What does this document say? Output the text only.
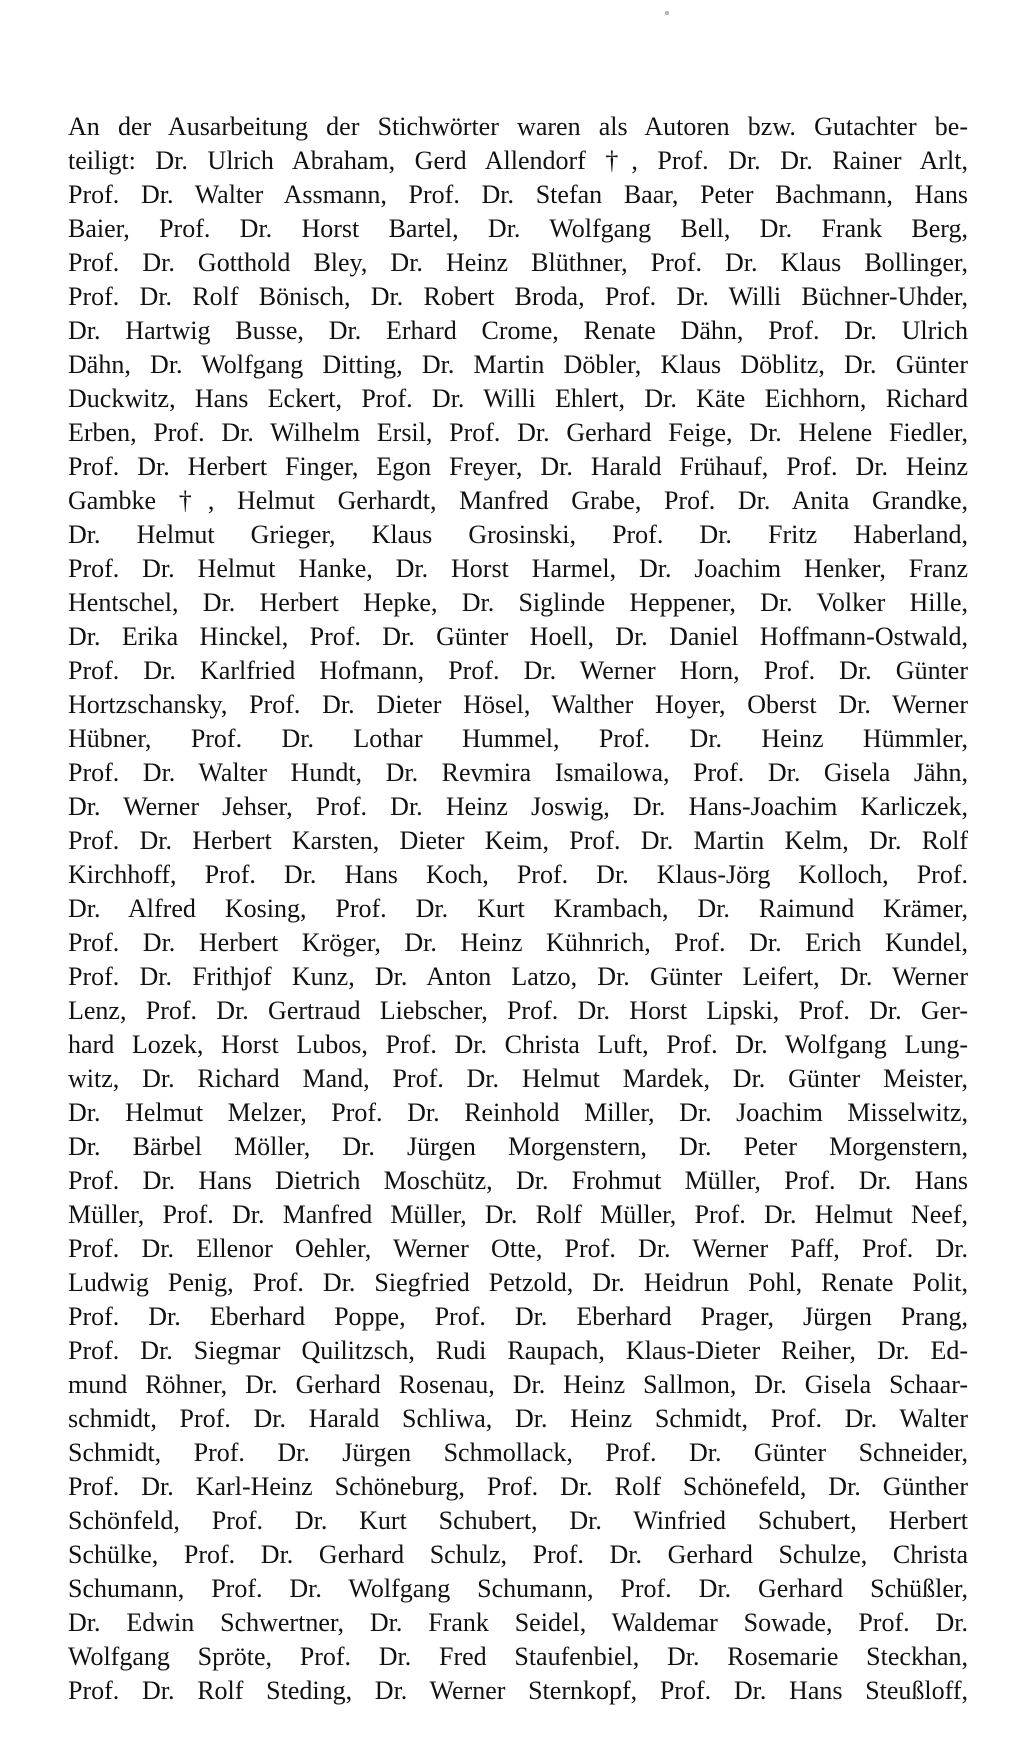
An der Ausarbeitung der Stichwörter waren als Autoren bzw. Gutachter be-
teiligt: Dr. Ulrich Abraham, Gerd Allendorf †, Prof. Dr. Dr. Rainer Arlt,
Prof. Dr. Walter Assmann, Prof. Dr. Stefan Baar, Peter Bachmann, Hans
Baier, Prof. Dr. Horst Bartel, Dr. Wolfgang Bell, Dr. Frank Berg,
Prof. Dr. Gotthold Bley, Dr. Heinz Blüthner, Prof. Dr. Klaus Bollinger,
Prof. Dr. Rolf Bönisch, Dr. Robert Broda, Prof. Dr. Willi Büchner-Uhder,
Dr. Hartwig Busse, Dr. Erhard Crome, Renate Dähn, Prof. Dr. Ulrich
Dähn, Dr. Wolfgang Ditting, Dr. Martin Döbler, Klaus Döblitz, Dr. Günter
Duckwitz, Hans Eckert, Prof. Dr. Willi Ehlert, Dr. Käte Eichhorn, Richard
Erben, Prof. Dr. Wilhelm Ersil, Prof. Dr. Gerhard Feige, Dr. Helene Fiedler,
Prof. Dr. Herbert Finger, Egon Freyer, Dr. Harald Frühauf, Prof. Dr. Heinz
Gambke †, Helmut Gerhardt, Manfred Grabe, Prof. Dr. Anita Grandke,
Dr. Helmut Grieger, Klaus Grosinski, Prof. Dr. Fritz Haberland,
Prof. Dr. Helmut Hanke, Dr. Horst Harmel, Dr. Joachim Henker, Franz
Hentschel, Dr. Herbert Hepke, Dr. Siglinde Heppener, Dr. Volker Hille,
Dr. Erika Hinckel, Prof. Dr. Günter Hoell, Dr. Daniel Hoffmann-Ostwald,
Prof. Dr. Karlfried Hofmann, Prof. Dr. Werner Horn, Prof. Dr. Günter
Hortzschansky, Prof. Dr. Dieter Hösel, Walther Hoyer, Oberst Dr. Werner
Hübner, Prof. Dr. Lothar Hummel, Prof. Dr. Heinz Hümmler,
Prof. Dr. Walter Hundt, Dr. Revmira Ismailowa, Prof. Dr. Gisela Jähn,
Dr. Werner Jehser, Prof. Dr. Heinz Joswig, Dr. Hans-Joachim Karliczek,
Prof. Dr. Herbert Karsten, Dieter Keim, Prof. Dr. Martin Kelm, Dr. Rolf
Kirchhoff, Prof. Dr. Hans Koch, Prof. Dr. Klaus-Jörg Kolloch, Prof.
Dr. Alfred Kosing, Prof. Dr. Kurt Krambach, Dr. Raimund Krämer,
Prof. Dr. Herbert Kröger, Dr. Heinz Kühnrich, Prof. Dr. Erich Kundel,
Prof. Dr. Frithjof Kunz, Dr. Anton Latzo, Dr. Günter Leifert, Dr. Werner
Lenz, Prof. Dr. Gertraud Liebscher, Prof. Dr. Horst Lipski, Prof. Dr. Ger-
hard Lozek, Horst Lubos, Prof. Dr. Christa Luft, Prof. Dr. Wolfgang Lung-
witz, Dr. Richard Mand, Prof. Dr. Helmut Mardek, Dr. Günter Meister,
Dr. Helmut Melzer, Prof. Dr. Reinhold Miller, Dr. Joachim Misselwitz,
Dr. Bärbel Möller, Dr. Jürgen Morgenstern, Dr. Peter Morgenstern,
Prof. Dr. Hans Dietrich Moschütz, Dr. Frohmut Müller, Prof. Dr. Hans
Müller, Prof. Dr. Manfred Müller, Dr. Rolf Müller, Prof. Dr. Helmut Neef,
Prof. Dr. Ellenor Oehler, Werner Otte, Prof. Dr. Werner Paff, Prof. Dr.
Ludwig Penig, Prof. Dr. Siegfried Petzold, Dr. Heidrun Pohl, Renate Polit,
Prof. Dr. Eberhard Poppe, Prof. Dr. Eberhard Prager, Jürgen Prang,
Prof. Dr. Siegmar Quilitzsch, Rudi Raupach, Klaus-Dieter Reiher, Dr. Ed-
mund Röhner, Dr. Gerhard Rosenau, Dr. Heinz Sallmon, Dr. Gisela Schaar-
schmidt, Prof. Dr. Harald Schliwa, Dr. Heinz Schmidt, Prof. Dr. Walter
Schmidt, Prof. Dr. Jürgen Schmollack, Prof. Dr. Günter Schneider,
Prof. Dr. Karl-Heinz Schöneburg, Prof. Dr. Rolf Schönefeld, Dr. Günther
Schönfeld, Prof. Dr. Kurt Schubert, Dr. Winfried Schubert, Herbert
Schülke, Prof. Dr. Gerhard Schulz, Prof. Dr. Gerhard Schulze, Christa
Schumann, Prof. Dr. Wolfgang Schumann, Prof. Dr. Gerhard Schüßler,
Dr. Edwin Schwertner, Dr. Frank Seidel, Waldemar Sowade, Prof. Dr.
Wolfgang Spröte, Prof. Dr. Fred Staufenbiel, Dr. Rosemarie Steckhan,
Prof. Dr. Rolf Steding, Dr. Werner Sternkopf, Prof. Dr. Hans Steußloff,
